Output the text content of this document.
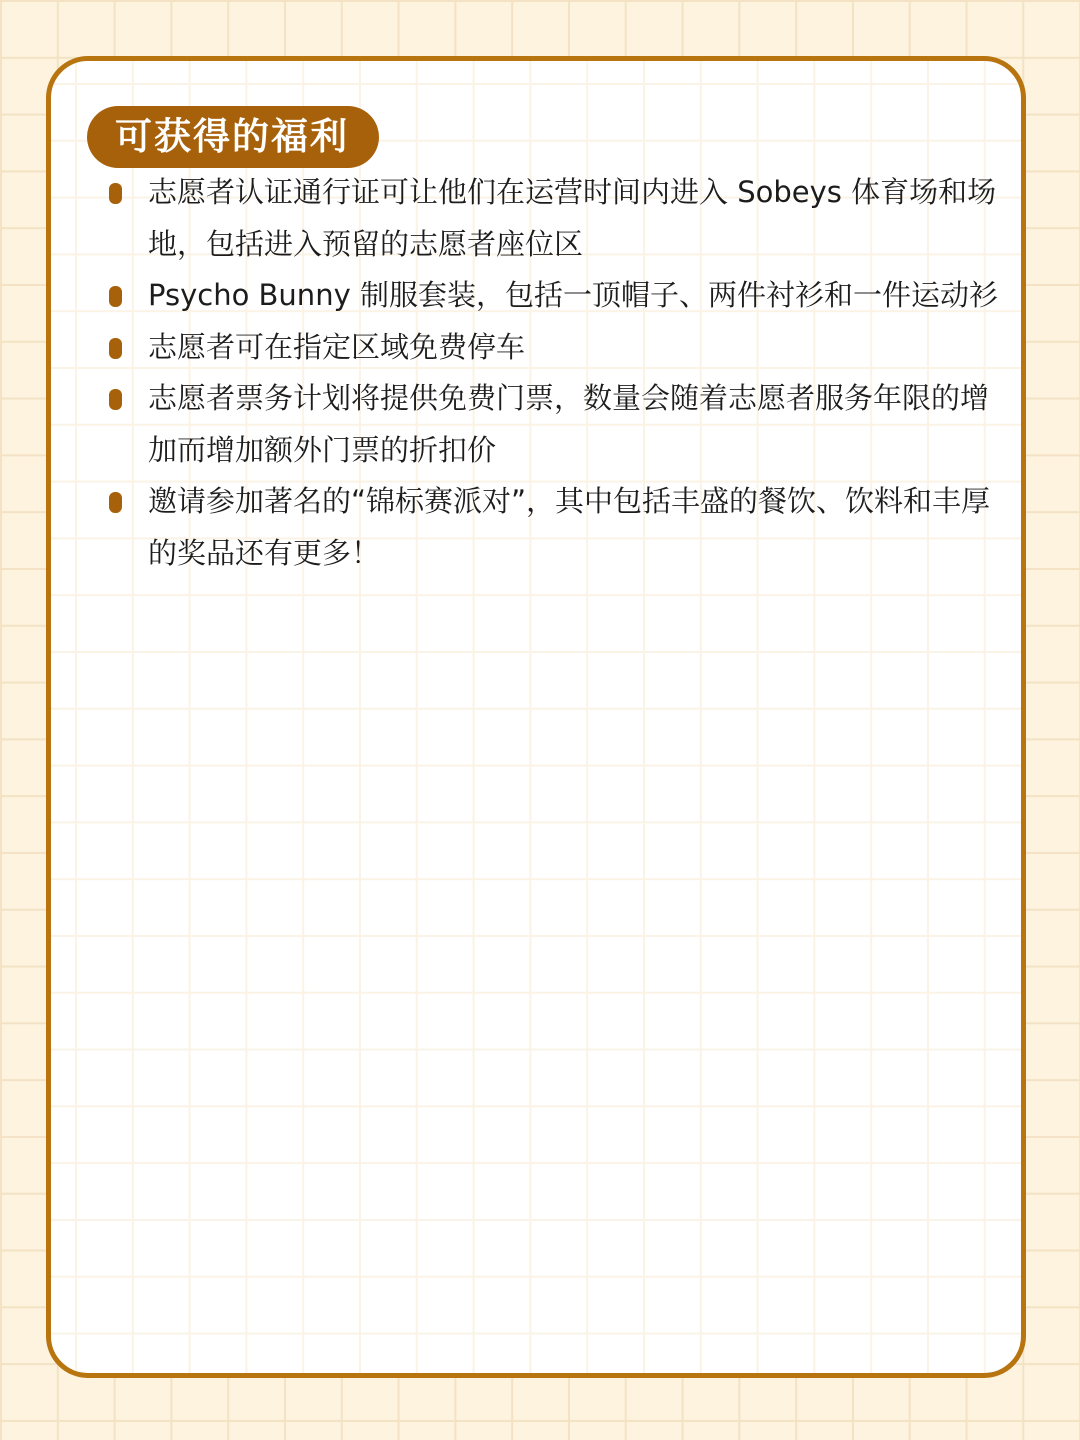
可获得的福利
志愿者认证通行证可让他们在运营时间内进入 Sobeys 体育场和场地，包括进入预留的志愿者座位区
Psycho Bunny 制服套装，包括一顶帽子、两件衬衫和一件运动衫
志愿者可在指定区域免费停车
志愿者票务计划将提供免费门票，数量会随着志愿者服务年限的增加而增加额外门票的折扣价
邀请参加著名的“锦标赛派对”，其中包括丰盛的餐饮、饮料和丰厚的奖品还有更多！
